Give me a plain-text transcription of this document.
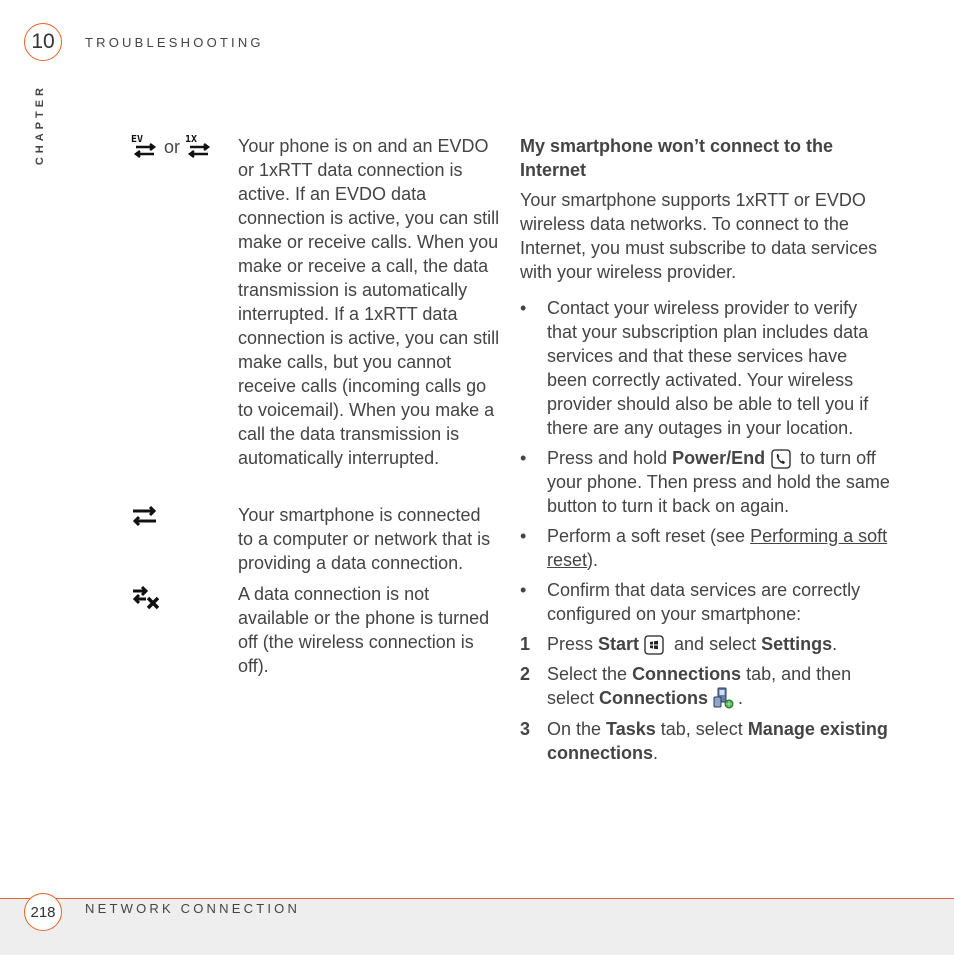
10 TROUBLESHOOTING
CHAPTER	EV or 1X Your phone is on and an EVDO or 1xRTT data connection is active. If an EVDO data connection is active, you can still make or receive calls. When you make or receive a call, the data transmission is automatically interrupted. If a 1xRTT data connection is active, you can still make calls, but you cannot receive calls (incoming calls go to voicemail). When you make a call the data transmission is automatically interrupted.
Your smartphone is connected to a computer or network that is providing a data connection.
A data connection is not available or the phone is turned off (the wireless connection is off).
My smartphone won’t connect to the Internet

Your smartphone supports 1xRTT or EVDO wireless data networks. To connect to the Internet, you must subscribe to data services with your wireless provider.

• Contact your wireless provider to verify that your subscription plan includes data services and that these services have been correctly activated. Your wireless provider should also be able to tell you if there are any outages in your location.
• Press and hold Power/End to turn off your phone. Then press and hold the same button to turn it back on again.
• Perform a soft reset (see Performing a soft reset).
• Confirm that data services are correctly configured on your smartphone:
1 Press Start and select Settings.
2 Select the Connections tab, and then select Connections .
3 On the Tasks tab, select Manage existing connections.
218 NETWORK CONNECTION
